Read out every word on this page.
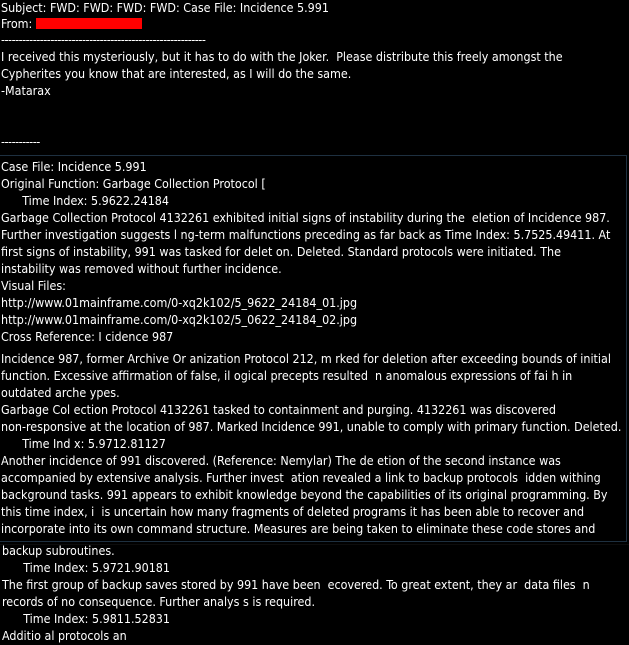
Subject: FWD: FWD: FWD: FWD: Case File: Incidence 5.991
From:
----------------------------------------------------------
I received this mysteriously, but it has to do with the Joker.  Please distribute this freely amongst the
Cypherites you know that are interested, as I will do the same.
-Matarax
-----------
Case File: Incidence 5.991
Original Function: Garbage Collection Protocol [
Time Index: 5.9622.24184
Garbage Collection Protocol 4132261 exhibited initial signs of instability during the  eletion of Incidence 987.
Further investigation suggests l ng-term malfunctions preceding as far back as Time Index: 5.7525.49411. At
first signs of instability, 991 was tasked for delet on. Deleted. Standard protocols were initiated. The
instability was removed without further incidence.
Visual Files:
http://www.01mainframe.com/0-xq2k102/5_9622_24184_01.jpg
http://www.01mainframe.com/0-xq2k102/5_0622_24184_02.jpg
Cross Reference: I cidence 987
Incidence 987, former Archive Or anization Protocol 212, m rked for deletion after exceeding bounds of initial
function. Excessive affirmation of false, il ogical precepts resulted  n anomalous expressions of fai h in
outdated arche ypes.
Garbage Col ection Protocol 4132261 tasked to containment and purging. 4132261 was discovered
non-responsive at the location of 987. Marked Incidence 991, unable to comply with primary function. Deleted.
Time Ind x: 5.9712.81127
Another incidence of 991 discovered. (Reference: Nemylar) The de etion of the second instance was
accompanied by extensive analysis. Further invest  ation revealed a link to backup protocols  idden withing
background tasks. 991 appears to exhibit knowledge beyond the capabilities of its original programming. By
this time index, i  is uncertain how many fragments of deleted programs it has been able to recover and
incorporate into its own command structure. Measures are being taken to eliminate these code stores and
backup subroutines.
Time Index: 5.9721.90181
The first group of backup saves stored by 991 have been  ecovered. To great extent, they ar  data files  n
records of no consequence. Further analys s is required.
Time Index: 5.9811.52831
Additio al protocols an
